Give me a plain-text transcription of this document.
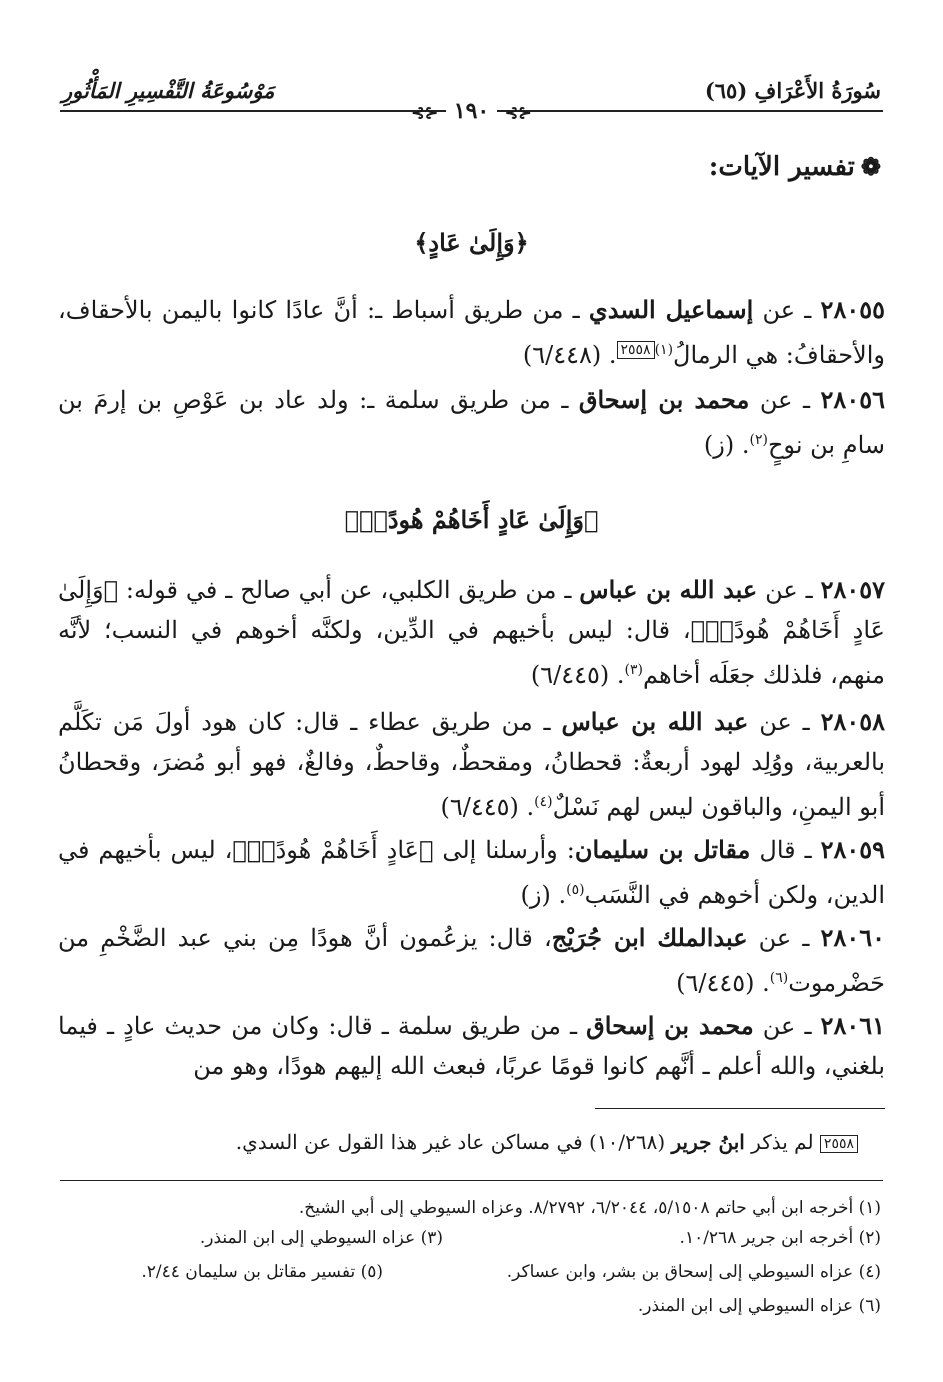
سُورَةُ الأَعْرَافِ (٦٥)
مَوْسُوعَةُ التَّفْسِيرِ المَأْثُورِ
⊰⊱ ١٩٠ ⊰⊱
❁تفسير الآيات:
﴿وَإِلَىٰ عَادٍ﴾
٢٨٠٥٥ ـ عن إسماعيل السدي ـ من طريق أسباط ـ: أنَّ عادًا كانوا باليمن بالأحقاف، والأحقافُ: هي الرمالُ$^{(١)}$٢٥٥٨. (٦/٤٤٨)
٢٨٠٥٦ ـ عن محمد بن إسحاق ـ من طريق سلمة ـ: ولد عاد بن عَوْصِ بن إرمَ بن سامِ بن نوحٍ$^{(٢)}$. (ز)
﴿وَإِلَىٰ عَادٍ أَخَاهُمْ هُودًاۗ﴾
٢٨٠٥٧ ـ عن عبد الله بن عباس ـ من طريق الكلبي، عن أبي صالح ـ في قوله: ﴿وَإِلَىٰ عَادٍ أَخَاهُمْ هُودًاۗ﴾، قال: ليس بأخيهم في الدِّين، ولكنَّه أخوهم في النسب؛ لأنَّه منهم، فلذلك جعَلَه أخاهم$^{(٣)}$. (٦/٤٤٥)
٢٨٠٥٨ ـ عن عبد الله بن عباس ـ من طريق عطاء ـ قال: كان هود أولَ مَن تكَلَّم بالعربية، ووُلِد لهود أربعةٌ: قحطانُ، ومقحطٌ، وقاحطٌ، وفالغٌ، فهو أبو مُضرَ، وقحطانُ أبو اليمنِ، والباقون ليس لهم نَسْلٌ$^{(٤)}$. (٦/٤٤٥)
٢٨٠٥٩ ـ قال مقاتل بن سليمان: وأرسلنا إلى ﴿عَادٍ أَخَاهُمْ هُودًاۗ﴾، ليس بأخيهم في الدين، ولكن أخوهم في النَّسَب$^{(٥)}$. (ز)
٢٨٠٦٠ ـ عن عبدالملك ابن جُرَيْج، قال: يزعُمون أنَّ هودًا مِن بني عبد الضَّخْمِ من حَضْرموت$^{(٦)}$. (٦/٤٤٥)
٢٨٠٦١ ـ عن محمد بن إسحاق ـ من طريق سلمة ـ قال: وكان من حديث عادٍ ـ فيما بلغني، والله أعلم ـ أنَّهم كانوا قومًا عربًا، فبعث الله إليهم هودًا، وهو من
٢٥٥٨ لم يذكر ابنُ جرير (١٠/٢٦٨) في مساكن عاد غير هذا القول عن السدي.
(١) أخرجه ابن أبي حاتم ٥/١٥٠٨، ٦/٢٠٤٤، ٨/٢٧٩٢. وعزاه السيوطي إلى أبي الشيخ.
(٢) أخرجه ابن جرير ١٠/٢٦٨.
(٣) عزاه السيوطي إلى ابن المنذر.
(٤) عزاه السيوطي إلى إسحاق بن بشر، وابن عساكر.
(٥) تفسير مقاتل بن سليمان ٢/٤٤.
(٦) عزاه السيوطي إلى ابن المنذر.
